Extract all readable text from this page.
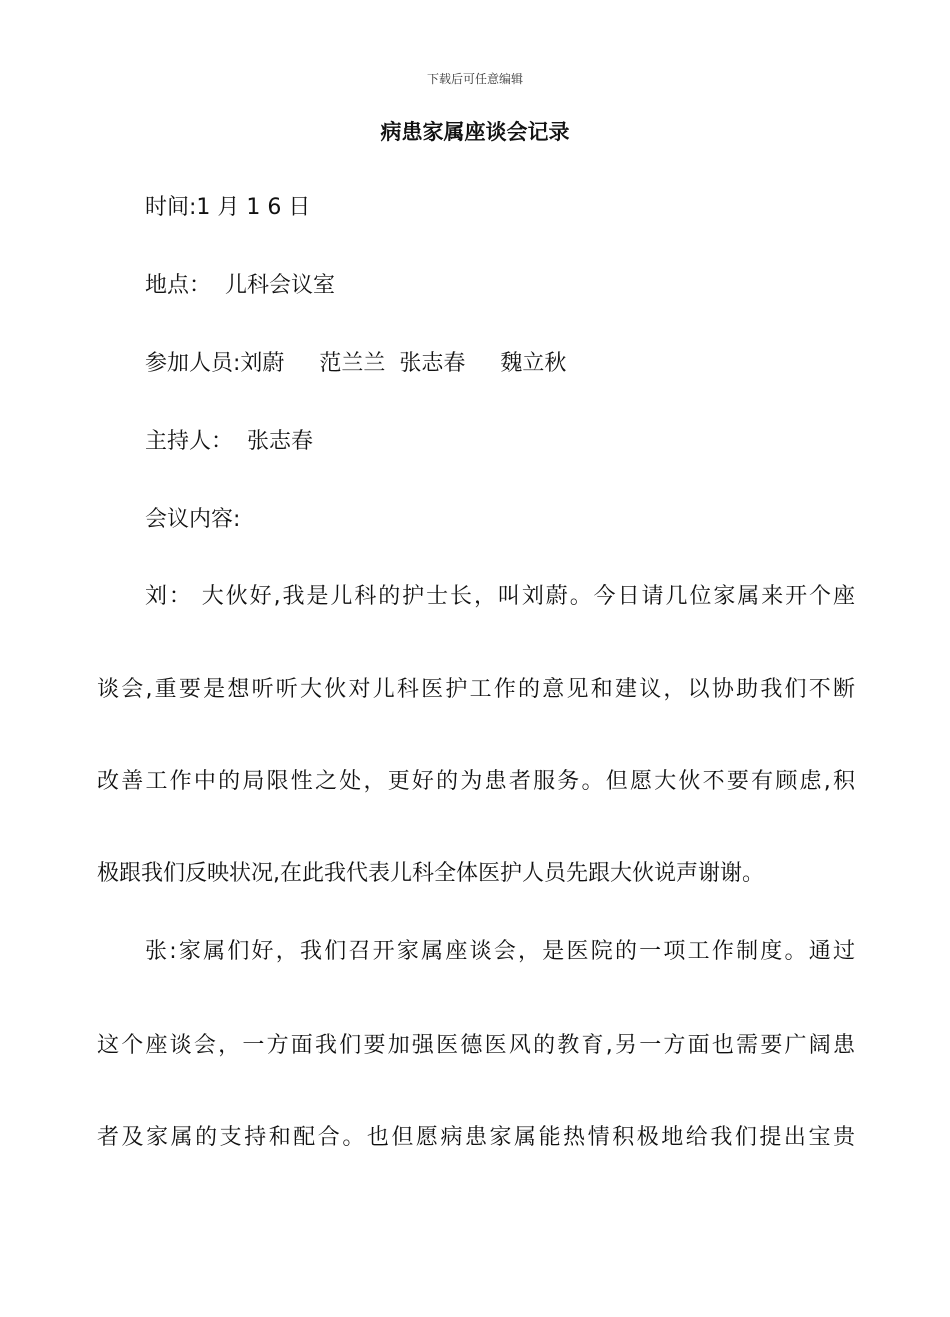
下载后可任意编辑
病患家属座谈会记录
时间:1 月 1 6 日
地点：  儿科会议室
参加人员:刘蔚     范兰兰  张志春     魏立秋
主持人：  张志春
会议内容:
刘： 大伙好,我是儿科的护士长，叫刘蔚。今日请几位家属来开个座
谈会,重要是想听听大伙对儿科医护工作的意见和建议，以协助我们不断
改善工作中的局限性之处，更好的为患者服务。但愿大伙不要有顾虑,积
极跟我们反映状况,在此我代表儿科全体医护人员先跟大伙说声谢谢。
张:家属们好，我们召开家属座谈会，是医院的一项工作制度。通过
这个座谈会，一方面我们要加强医德医风的教育,另一方面也需要广阔患
者及家属的支持和配合。也但愿病患家属能热情积极地给我们提出宝贵
